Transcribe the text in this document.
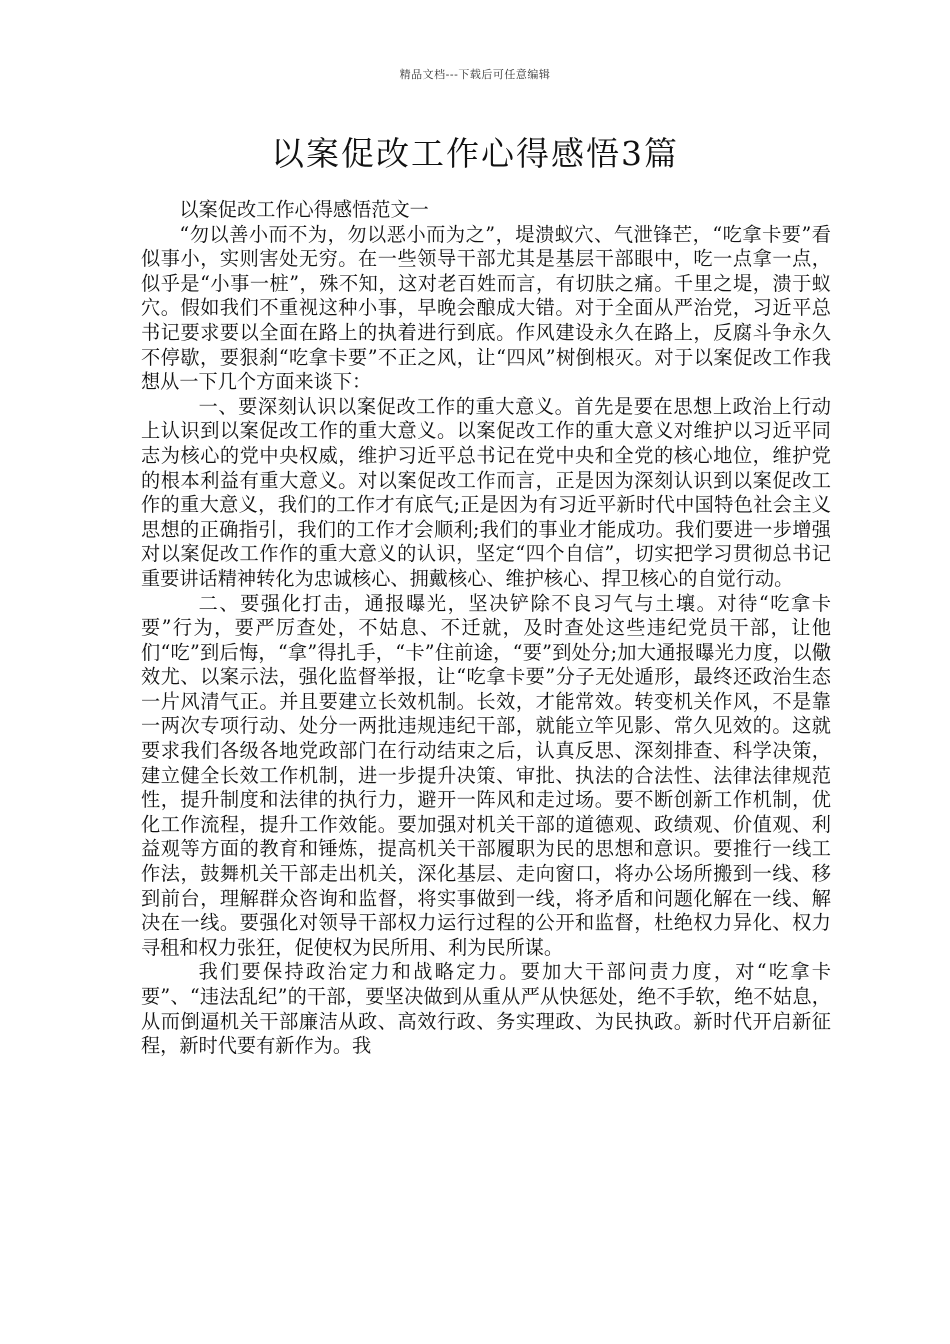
精品文档---下载后可任意编辑
以案促改工作心得感悟3篇

以案促改工作心得感悟范文一

“勿以善小而不为，勿以恶小而为之”，堤溃蚁穴、气泄锋芒，“吃拿卡要”看似事小，实则害处无穷。在一些领导干部尤其是基层干部眼中，吃一点拿一点，似乎是“小事一桩”，殊不知，这对老百姓而言，有切肤之痛。千里之堤，溃于蚁穴。假如我们不重视这种小事，早晚会酿成大错。对于全面从严治党，习近平总书记要求要以全面在路上的执着进行到底。作风建设永久在路上，反腐斗争永久不停歇，要狠刹“吃拿卡要”不正之风，让“四风”树倒根灭。对于以案促改工作我想从一下几个方面来谈下：

一、要深刻认识以案促改工作的重大意义。首先是要在思想上政治上行动上认识到以案促改工作的重大意义。以案促改工作的重大意义对维护以习近平同志为核心的党中央权威，维护习近平总书记在党中央和全党的核心地位，维护党的根本利益有重大意义。对以案促改工作而言，正是因为深刻认识到以案促改工作的重大意义，我们的工作才有底气;正是因为有习近平新时代中国特色社会主义思想的正确指引，我们的工作才会顺利;我们的事业才能成功。我们要进一步增强对以案促改工作作的重大意义的认识，坚定“四个自信”，切实把学习贯彻总书记重要讲话精神转化为忠诚核心、拥戴核心、维护核心、捍卫核心的自觉行动。

二、要强化打击，通报曝光，坚决铲除不良习气与土壤。对待“吃拿卡要”行为，要严厉查处，不姑息、不迁就，及时查处这些违纪党员干部，让他们“吃”到后悔，“拿”得扎手，“卡”住前途，“要”到处分;加大通报曝光力度，以儆效尤、以案示法，强化监督举报，让“吃拿卡要”分子无处遁形，最终还政治生态一片风清气正。并且要建立长效机制。长效，才能常效。转变机关作风，不是靠一两次专项行动、处分一两批违规违纪干部，就能立竿见影、常久见效的。这就要求我们各级各地党政部门在行动结束之后，认真反思、深刻排查、科学决策，建立健全长效工作机制，进一步提升决策、审批、执法的合法性、法律法律规范性，提升制度和法律的执行力，避开一阵风和走过场。要不断创新工作机制，优化工作流程，提升工作效能。要加强对机关干部的道德观、政绩观、价值观、利益观等方面的教育和锤炼，提高机关干部履职为民的思想和意识。要推行一线工作法，鼓舞机关干部走出机关，深化基层、走向窗口，将办公场所搬到一线、移到前台，理解群众咨询和监督，将实事做到一线，将矛盾和问题化解在一线、解决在一线。要强化对领导干部权力运行过程的公开和监督，杜绝权力异化、权力寻租和权力张狂，促使权为民所用、利为民所谋。

我们要保持政治定力和战略定力。要加大干部问责力度，对“吃拿卡要”、“违法乱纪”的干部，要坚决做到从重从严从快惩处，绝不手软，绝不姑息，从而倒逼机关干部廉洁从政、高效行政、务实理政、为民执政。新时代开启新征程，新时代要有新作为。我
